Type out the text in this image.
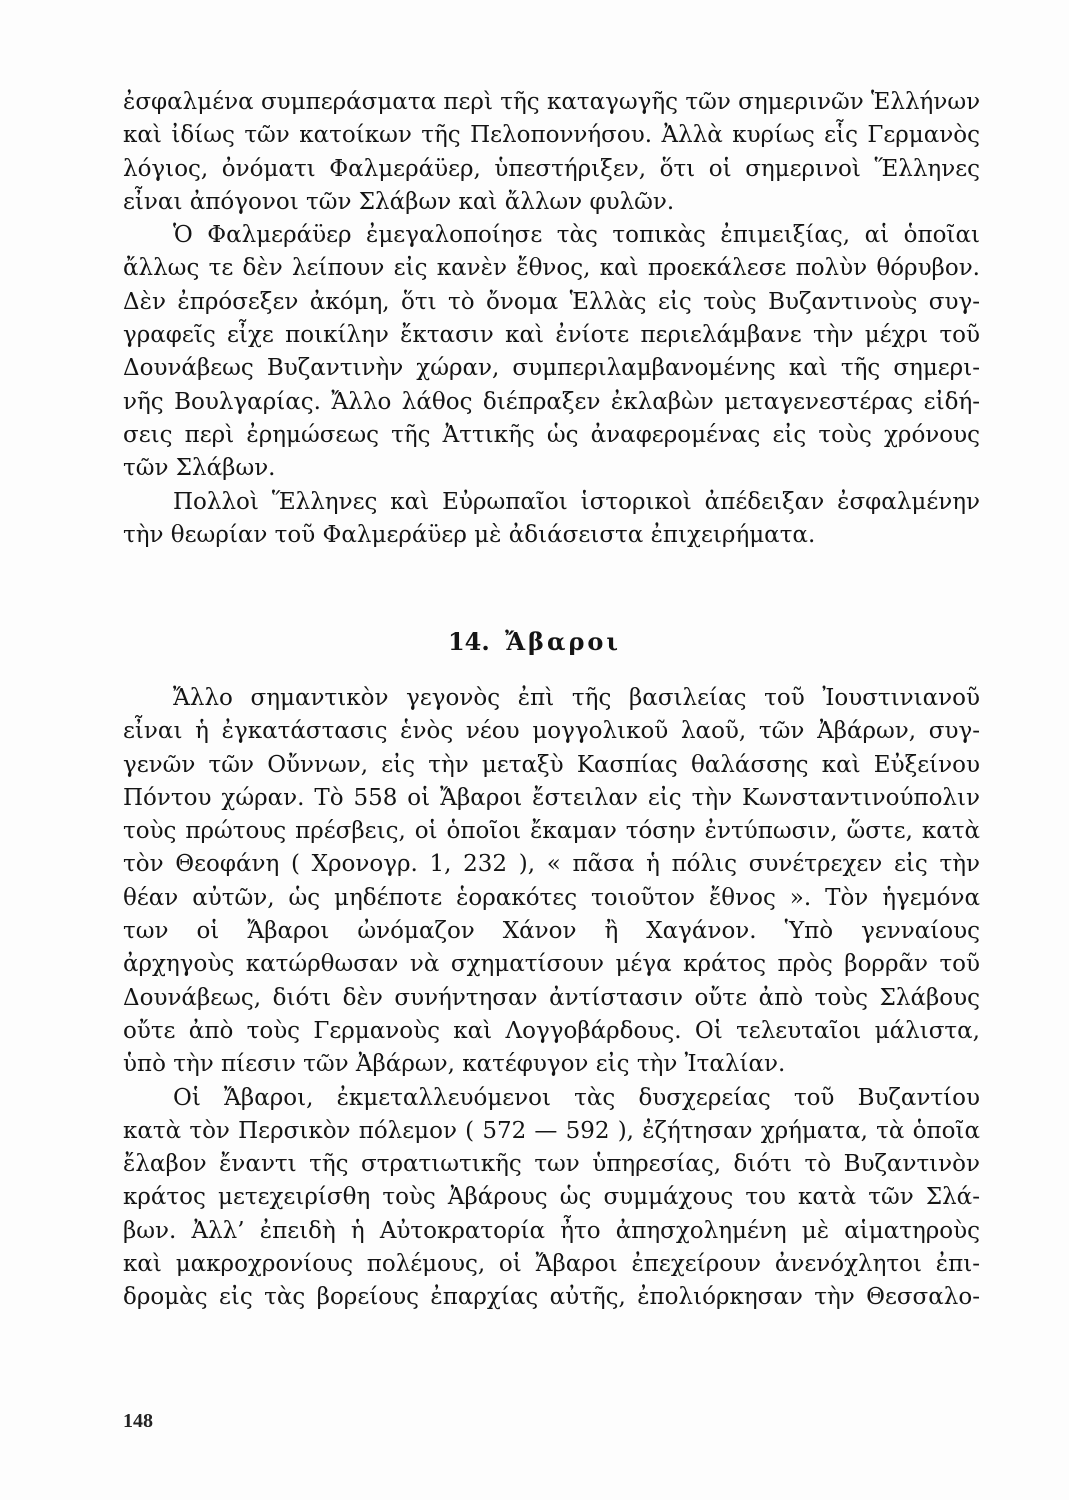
ἐσφαλμένα συμπεράσματα περὶ τῆς καταγωγῆς τῶν σημερινῶν Ἑλλήνων
καὶ ἰδίως τῶν κατοίκων τῆς Πελοποννήσου. Ἀλλὰ κυρίως εἷς Γερμανὸς
λόγιος, ὀνόματι Φαλμεράϋερ, ὑπεστήριξεν, ὅτι οἱ σημερινοὶ Ἕλληνες
εἶναι ἀπόγονοι τῶν Σλάβων καὶ ἄλλων φυλῶν.
Ὁ Φαλμεράϋερ ἐμεγαλοποίησε τὰς τοπικὰς ἐπιμειξίας, αἱ ὁποῖαι
ἄλλως τε δὲν λείπουν εἰς κανὲν ἔθνος, καὶ προεκάλεσε πολὺν θόρυβον.
Δὲν ἐπρόσεξεν ἀκόμη, ὅτι τὸ ὄνομα Ἑλλὰς εἰς τοὺς Βυζαντινοὺς συγ-
γραφεῖς εἶχε ποικίλην ἔκτασιν καὶ ἐνίοτε περιελάμβανε τὴν μέχρι τοῦ
Δουνάβεως Βυζαντινὴν χώραν, συμπεριλαμβανομένης καὶ τῆς σημερι-
νῆς Βουλγαρίας. Ἄλλο λάθος διέπραξεν ἐκλαβὼν μεταγενεστέρας εἰδή-
σεις περὶ ἐρημώσεως τῆς Ἀττικῆς ὡς ἀναφερομένας εἰς τοὺς χρόνους
τῶν Σλάβων.
Πολλοὶ Ἕλληνες καὶ Εὐρωπαῖοι ἱστορικοὶ ἀπέδειξαν ἐσφαλμένην
τὴν θεωρίαν τοῦ Φαλμεράϋερ μὲ ἀδιάσειστα ἐπιχειρήματα.
14. Ἄβαροι
Ἄλλο σημαντικὸν γεγονὸς ἐπὶ τῆς βασιλείας τοῦ Ἰουστινιανοῦ
εἶναι ἡ ἐγκατάστασις ἑνὸς νέου μογγολικοῦ λαοῦ, τῶν Ἀβάρων, συγ-
γενῶν τῶν Οὔννων, εἰς τὴν μεταξὺ Κασπίας θαλάσσης καὶ Εὐξείνου
Πόντου χώραν. Τὸ 558 οἱ Ἄβαροι ἔστειλαν εἰς τὴν Κωνσταντινούπολιν
τοὺς πρώτους πρέσβεις, οἱ ὁποῖοι ἔκαμαν τόσην ἐντύπωσιν, ὥστε, κατὰ
τὸν Θεοφάνη ( Χρονογρ. 1, 232 ), « πᾶσα ἡ πόλις συνέτρεχεν εἰς τὴν
θέαν αὐτῶν, ὡς μηδέποτε ἑορακότες τοιοῦτον ἔθνος ». Τὸν ἡγεμόνα
των οἱ Ἄβαροι ὠνόμαζον Χάνον ἢ Χαγάνον. Ὑπὸ γενναίους
ἀρχηγοὺς κατώρθωσαν νὰ σχηματίσουν μέγα κράτος πρὸς βορρᾶν τοῦ
Δουνάβεως, διότι δὲν συνήντησαν ἀντίστασιν οὔτε ἀπὸ τοὺς Σλάβους
οὔτε ἀπὸ τοὺς Γερμανοὺς καὶ Λογγοβάρδους. Οἱ τελευταῖοι μάλιστα,
ὑπὸ τὴν πίεσιν τῶν Ἀβάρων, κατέφυγον εἰς τὴν Ἰταλίαν.
Οἱ Ἄβαροι, ἐκμεταλλευόμενοι τὰς δυσχερείας τοῦ Βυζαντίου
κατὰ τὸν Περσικὸν πόλεμον ( 572 — 592 ), ἐζήτησαν χρήματα, τὰ ὁποῖα
ἔλαβον ἔναντι τῆς στρατιωτικῆς των ὑπηρεσίας, διότι τὸ Βυζαντινὸν
κράτος μετεχειρίσθη τοὺς Ἀβάρους ὡς συμμάχους του κατὰ τῶν Σλά-
βων. Ἀλλ’ ἐπειδὴ ἡ Αὐτοκρατορία ἦτο ἀπησχολημένη μὲ αἱματηροὺς
καὶ μακροχρονίους πολέμους, οἱ Ἄβαροι ἐπεχείρουν ἀνενόχλητοι ἐπι-
δρομὰς εἰς τὰς βορείους ἐπαρχίας αὐτῆς, ἐπολιόρκησαν τὴν Θεσσαλο-
148
